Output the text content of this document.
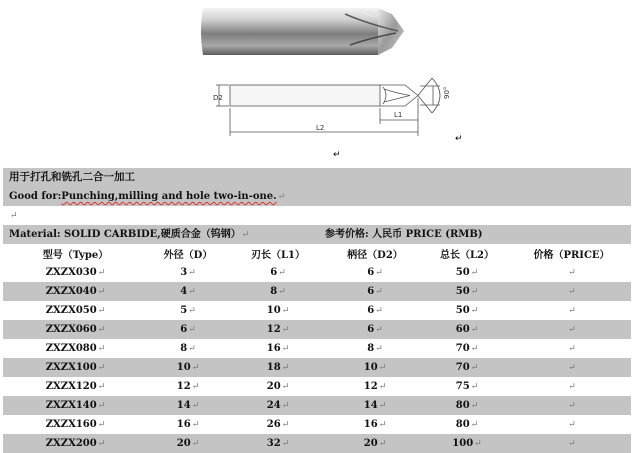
D2
L1
L2
90°
↵
↵
用于打孔和铣孔二合一加工
Good for:Punching,milling and hole two-in-one.↵
↵
Material: SOLID CARBIDE,硬质合金（钨钢）↵	参考价格: 人民币 PRICE (RMB)
型号（Type）	外径（D）	刃长（L1）	柄径（D2）	总长（L2）	价格（PRICE）
ZXZX030↵	3↵	6↵	6↵	50↵	↵
ZXZX040↵	4↵	8↵	6↵	50↵	↵
ZXZX050↵	5↵	10↵	6↵	50↵	↵
ZXZX060↵	6↵	12↵	6↵	60↵	↵
ZXZX080↵	8↵	16↵	8↵	70↵	↵
ZXZX100↵	10↵	18↵	10↵	70↵	↵
ZXZX120↵	12↵	20↵	12↵	75↵	↵
ZXZX140↵	14↵	24↵	14↵	80↵	↵
ZXZX160↵	16↵	26↵	16↵	80↵	↵
ZXZX200↵	20↵	32↵	20↵	100↵	↵
